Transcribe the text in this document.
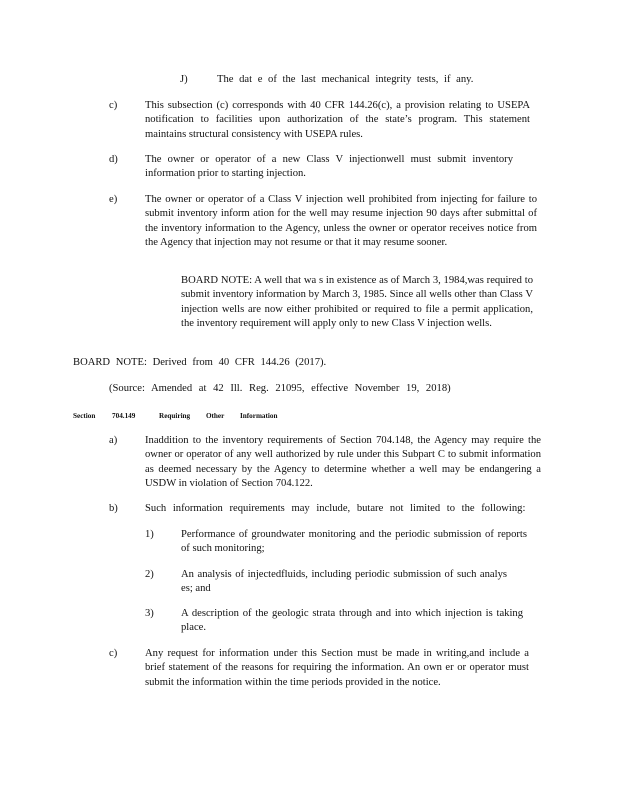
J)	The dat e of the last mechanical integrity tests, if any.
c)	This subsection (c) corresponds with 40 CFR 144.26(c), a provision relating to USEPA notification to facilities upon authorization of the state’s program. This statement maintains structural consistency with USEPA rules.
d)	The owner or operator of a new Class V injectionwell must submit inventory information prior to starting injection.
e)	The owner or operator of a Class V injection well prohibited from injecting for failure to submit inventory inform ation for the well may resume injection 90 days after submittal of the inventory information to the Agency, unless the owner or operator receives notice from the Agency that injection may not resume or that it may resume sooner.
BOARD NOTE: A well that wa s in existence as of March 3, 1984,was required to submit inventory information by March 3, 1985. Since all wells other than Class V injection wells are now either prohibited or required to file a permit application, the inventory requirement will apply only to new Class V injection wells.
BOARD NOTE: Derived from 40 CFR 144.26 (2017).
(Source: Amended at 42 Ill. Reg. 21095, effective November 19, 2018)
Section 704.149	Requiring Other Information
a)	Inaddition to the inventory requirements of Section 704.148, the Agency may require the owner or operator of any well authorized by rule under this Subpart C to submit information as deemed necessary by the Agency to determine whether a well may be endangering a USDW in violation of Section 704.122.
b)	Such information requirements may include, butare not limited to the following:
1)	Performance of groundwater monitoring and the periodic submission of reports of such monitoring;
2)	An analysis of injectedfluids, including periodic submission of such analys es; and
3)	A description of the geologic strata through and into which injection is taking place.
c)	Any request for information under this Section must be made in writing,and include a brief statement of the reasons for requiring the information. An own er or operator must submit the information within the time periods provided in the notice.
